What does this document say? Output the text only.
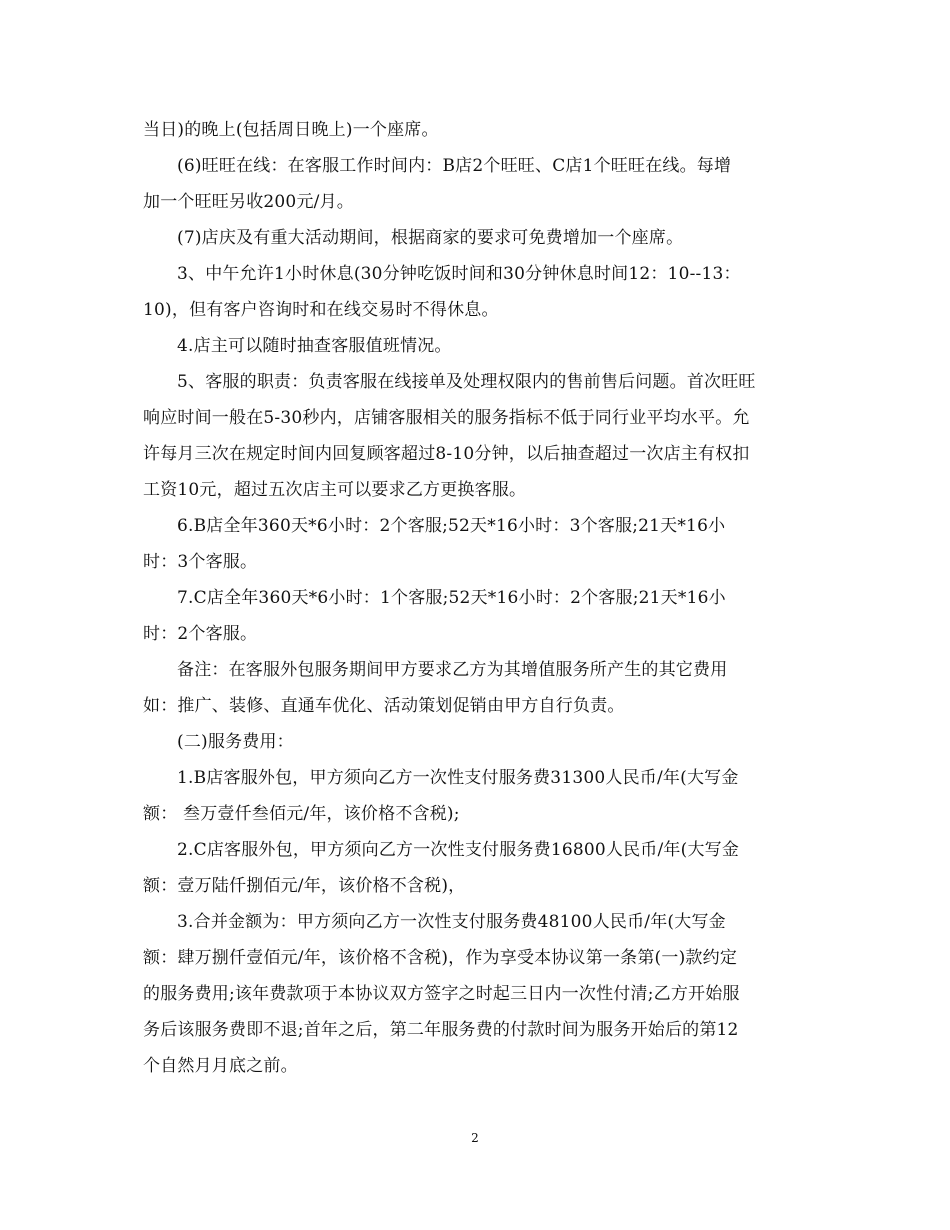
当日)的晚上(包括周日晚上)一个座席。
(6)旺旺在线：在客服工作时间内：B店2个旺旺、C店1个旺旺在线。每增
加一个旺旺另收200元/月。
(7)店庆及有重大活动期间，根据商家的要求可免费增加一个座席。
3、中午允许1小时休息(30分钟吃饭时间和30分钟休息时间12：10--13：
10)，但有客户咨询时和在线交易时不得休息。
4.店主可以随时抽查客服值班情况。
5、客服的职责：负责客服在线接单及处理权限内的售前售后问题。首次旺旺
响应时间一般在5-30秒内，店铺客服相关的服务指标不低于同行业平均水平。允
许每月三次在规定时间内回复顾客超过8-10分钟，以后抽查超过一次店主有权扣
工资10元，超过五次店主可以要求乙方更换客服。
6.B店全年360天*6小时：2个客服;52天*16小时：3个客服;21天*16小
时：3个客服。
7.C店全年360天*6小时：1个客服;52天*16小时：2个客服;21天*16小
时：2个客服。
备注：在客服外包服务期间甲方要求乙方为其增值服务所产生的其它费用
如：推广、装修、直通车优化、活动策划促销由甲方自行负责。
(二)服务费用：
1.B店客服外包，甲方须向乙方一次性支付服务费31300人民币/年(大写金
额： 叁万壹仟叁佰元/年，该价格不含税);
2.C店客服外包，甲方须向乙方一次性支付服务费16800人民币/年(大写金
额：壹万陆仟捌佰元/年，该价格不含税)，
3.合并金额为：甲方须向乙方一次性支付服务费48100人民币/年(大写金
额：肆万捌仟壹佰元/年，该价格不含税)，作为享受本协议第一条第(一)款约定
的服务费用;该年费款项于本协议双方签字之时起三日内一次性付清;乙方开始服
务后该服务费即不退;首年之后，第二年服务费的付款时间为服务开始后的第12
个自然月月底之前。
2
